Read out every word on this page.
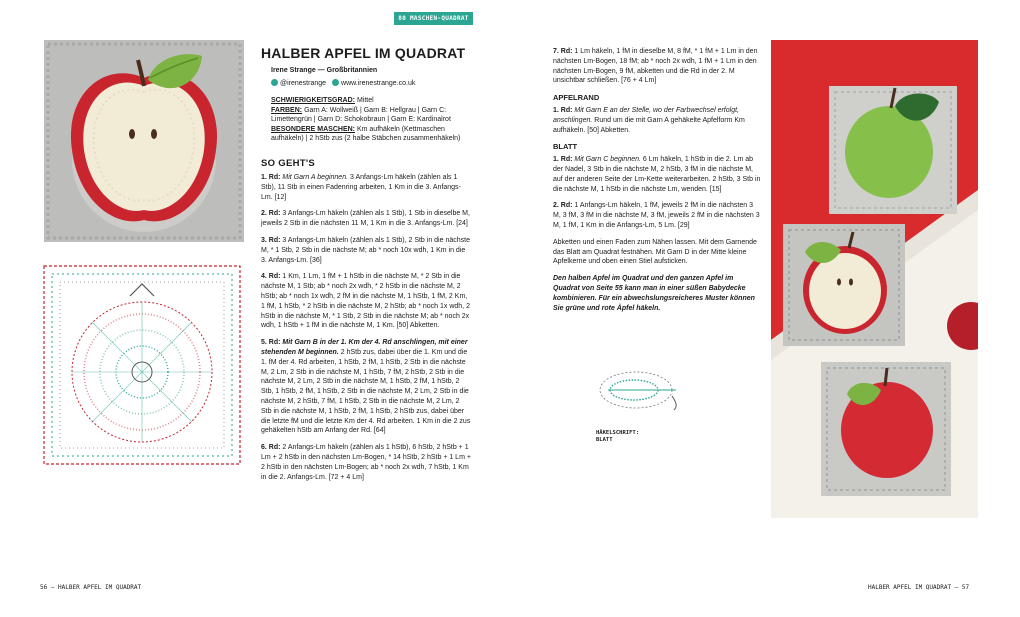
80 MASCHEN-QUADRAT
HALBER APFEL IM QUADRAT
Irene Strange — Großbritannien
@irenestrange	www.irenestrange.co.uk
SCHWIERIGKEITSGRAD: Mittel
FARBEN: Garn A: Wollweiß | Garn B: Hellgrau | Garn C: Limettengrün | Garn D: Schokobraun | Garn E: Kardinalrot
BESONDERE MASCHEN: Km aufhäkeln (Kettmaschen aufhäkeln) | 2 hStb zus (2 halbe Stäbchen zusammenhäkeln)
SO GEHT'S

1. Rd: Mit Garn A beginnen. 3 Anfangs-Lm häkeln (zählen als 1 Stb), 11 Stb in einen Fadenring arbeiten, 1 Km in die 3. Anfangs-Lm. [12]

2. Rd: 3 Anfangs-Lm häkeln (zählen als 1 Stb), 1 Stb in dieselbe M, jeweils 2 Stb in die nächsten 11 M, 1 Km in die 3. Anfangs-Lm. [24]

3. Rd: 3 Anfangs-Lm häkeln (zählen als 1 Stb), 2 Stb in die nächste M, * 1 Stb, 2 Stb in die nächste M; ab * noch 10x wdh, 1 Km in die 3. Anfangs-Lm. [36]

4. Rd: 1 Km, 1 Lm, 1 fM + 1 hStb in die nächste M, * 2 Stb in die nächste M, 1 Stb; ab * noch 2x wdh, * 2 hStb in die nächste M, 2 hStb; ab * noch 1x wdh, 2 fM in die nächste M, 1 hStb, 1 fM, 2 Km, 1 fM, 1 hStb, * 2 hStb in die nächste M, 2 hStb; ab * noch 1x wdh, 2 hStb in die nächste M, * 1 Stb, 2 Stb in die nächste M; ab * noch 2x wdh, 1 hStb + 1 fM in die nächste M, 1 Km. [50] Abketten.

5. Rd: Mit Garn B in der 1. Km der 4. Rd anschlingen, mit einer stehenden M beginnen. 2 hStb zus, dabei über die 1. Km und die 1. fM der 4. Rd arbeiten, 1 hStb, 2 fM, 1 hStb, 2 Stb in die nächste M, 2 Lm, 2 Stb in die nächste M, 1 hStb, 7 fM, 2 hStb, 2 Stb in die nächste M, 2 Lm, 2 Stb in die nächste M, 1 hStb, 2 fM, 1 hStb, 2 Stb, 1 hStb, 2 fM, 1 hStb, 2 Stb in die nächste M, 2 Lm, 2 Stb in die nächste M, 2 hStb, 7 fM, 1 hStb, 2 Stb in die nächste M, 2 Lm, 2 Stb in die nächste M, 1 hStb, 2 fM, 1 hStb, 2 hStb zus, dabei über die letzte fM und die letzte Km der 4. Rd arbeiten. 1 Km in die 2 zus gehäkelten hStb am Anfang der Rd. [64]

6. Rd: 2 Anfangs-Lm häkeln (zählen als 1 hStb), 6 hStb, 2 hStb + 1 Lm + 2 hStb in den nächsten Lm-Bogen, * 14 hStb, 2 hStb + 1 Lm + 2 hStb in den nächsten Lm-Bogen; ab * noch 2x wdh, 7 hStb, 1 Km in die 2. Anfangs-Lm. [72 + 4 Lm]

7. Rd: 1 Lm häkeln, 1 fM in dieselbe M, 8 fM, * 1 fM + 1 Lm in den nächsten Lm-Bogen, 18 fM; ab * noch 2x wdh, 1 fM + 1 Lm in den nächsten Lm-Bogen, 9 fM, abketten und die Rd in der 2. M unsichtbar schließen. [76 + 4 Lm]

APFELRAND

1. Rd: Mit Garn E an der Stelle, wo der Farbwechsel erfolgt, anschlingen. Rund um die mit Garn A gehäkelte Apfelform Km aufhäkeln. [50] Abketten.

BLATT

1. Rd: Mit Garn C beginnen. 6 Lm häkeln, 1 hStb in die 2. Lm ab der Nadel, 3 Stb in die nächste M, 2 hStb, 3 fM in die nächste M, auf der anderen Seite der Lm-Kette weiterarbeiten. 2 hStb, 3 Stb in die nächste M, 1 hStb in die nächste Lm, wenden. [15]

2. Rd: 1 Anfangs-Lm häkeln, 1 fM, jeweils 2 fM in die nächsten 3 M, 3 fM, 3 fM in die nächste M, 3 fM, jeweils 2 fM in die nächsten 3 M, 1 fM, 1 Km in die Anfangs-Lm, 5 Lm. [29]

Abketten und einen Faden zum Nähen lassen. Mit dem Garnende das Blatt am Quadrat festnähen. Mit Garn D in der Mitte kleine Apfelkerne und oben einen Stiel aufsticken.

Den halben Apfel im Quadrat und den ganzen Apfel im Quadrat von Seite 55 kann man in einer süßen Babydecke kombinieren. Für ein abwechslungsreicheres Muster können Sie grüne und rote Äpfel häkeln.

HÄKELSCHRIFT:
BLATT
56 — HALBER APFEL IM QUADRAT	HALBER APFEL IM QUADRAT — 57
